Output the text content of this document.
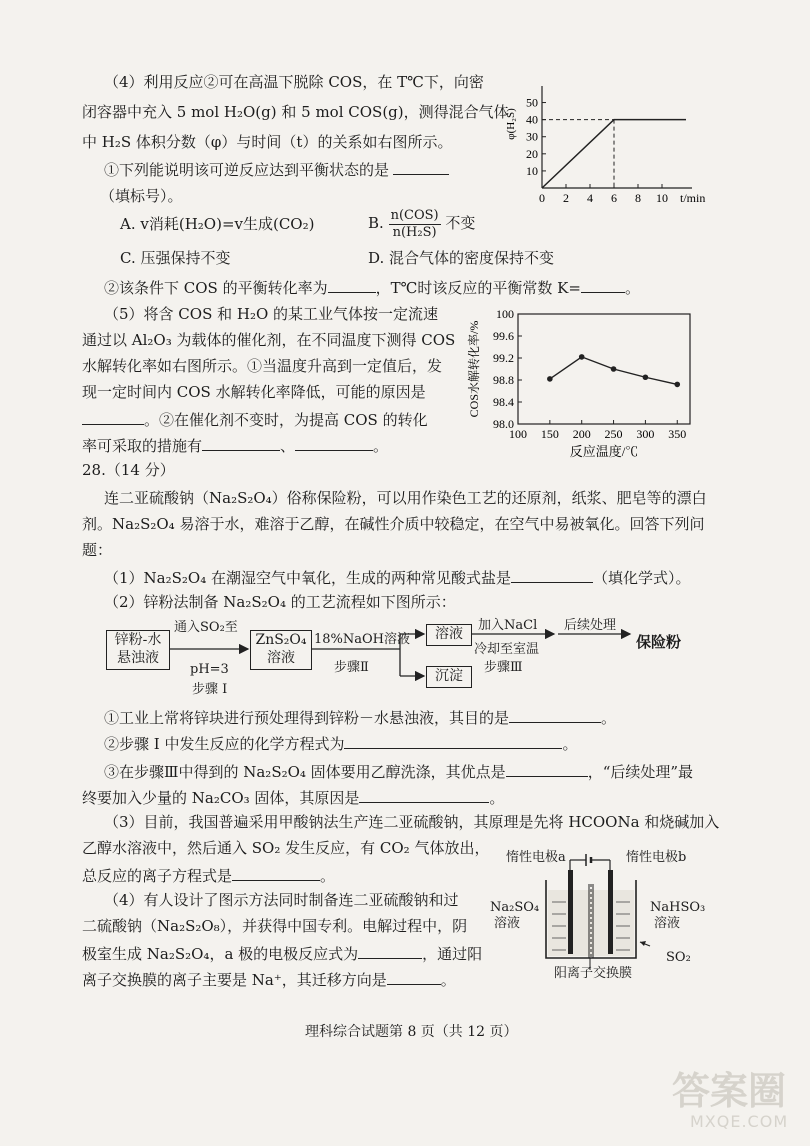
（4）利用反应②可在高温下脱除 COS，在 T℃下，向密
闭容器中充入 5 mol H₂O(g) 和 5 mol COS(g)，测得混合气体
中 H₂S 体积分数（φ）与时间（t）的关系如右图所示。
①下列能说明该可逆反应达到平衡状态的是
（填标号）。
A. v消耗(H₂O)=v生成(CO₂)	B. $\frac{\text{n(COS)}}{\text{n(H₂S)}}$ 不变
C. 压强保持不变	D. 混合气体的密度保持不变
②该条件下 COS 的平衡转化率为	，T℃时该反应的平衡常数 K=	。
10
20
30
40
50
0 2 4 6 8 10 t/min
φ(H₂S)
（5）将含 COS 和 H₂O 的某工业气体按一定流速
通过以 Al₂O₃ 为载体的催化剂，在不同温度下测得 COS
水解转化率如右图所示。①当温度升高到一定值后，发
现一定时间内 COS 水解转化率降低，可能的原因是
。②在催化剂不变时，为提高 COS 的转化
率可采取的措施有	、	。
98.0
98.4
98.8
99.2
99.6
100
100 150 200 250 300 350
反应温度/℃
COS水解转化率/%
28.（14 分）
连二亚硫酸钠（Na₂S₂O₄）俗称保险粉，可以用作染色工艺的还原剂，纸浆、肥皂等的漂白
剂。Na₂S₂O₄ 易溶于水，难溶于乙醇，在碱性介质中较稳定，在空气中易被氧化。回答下列问
题：
（1）Na₂S₂O₄ 在潮湿空气中氧化，生成的两种常见酸式盐是	（填化学式）。
（2）锌粉法制备 Na₂S₂O₄ 的工艺流程如下图所示：
锌粉-水
悬浊液
通入SO₂至
pH=3
步骤 I
ZnS₂O₄
溶液
18%NaOH溶液
步骤Ⅱ
溶液
沉淀
加入NaCl
冷却至室温
步骤Ⅲ
后续处理
保险粉
①工业上常将锌块进行预处理得到锌粉－水悬浊液，其目的是	。
②步骤 I 中发生反应的化学方程式为	。
③在步骤Ⅲ中得到的 Na₂S₂O₄ 固体要用乙醇洗涤，其优点是	，“后续处理”最
终要加入少量的 Na₂CO₃ 固体，其原因是	。
（3）目前，我国普遍采用甲酸钠法生产连二亚硫酸钠，其原理是先将 HCOONa 和烧碱加入
乙醇水溶液中，然后通入 SO₂ 发生反应，有 CO₂ 气体放出，
总反应的离子方程式是	。
（4）有人设计了图示方法同时制备连二亚硫酸钠和过
二硫酸钠（Na₂S₂O₈），并获得中国专利。电解过程中，阴
极室生成 Na₂S₂O₄，a 极的电极反应式为	，通过阳
离子交换膜的离子主要是 Na⁺，其迁移方向是	。
惰性电极a	惰性电极b
Na₂SO₄
溶液
NaHSO₃
溶液
SO₂
阳离子交换膜
理科综合试题第 8 页（共 12 页）
答案圈
MXQE.COM
